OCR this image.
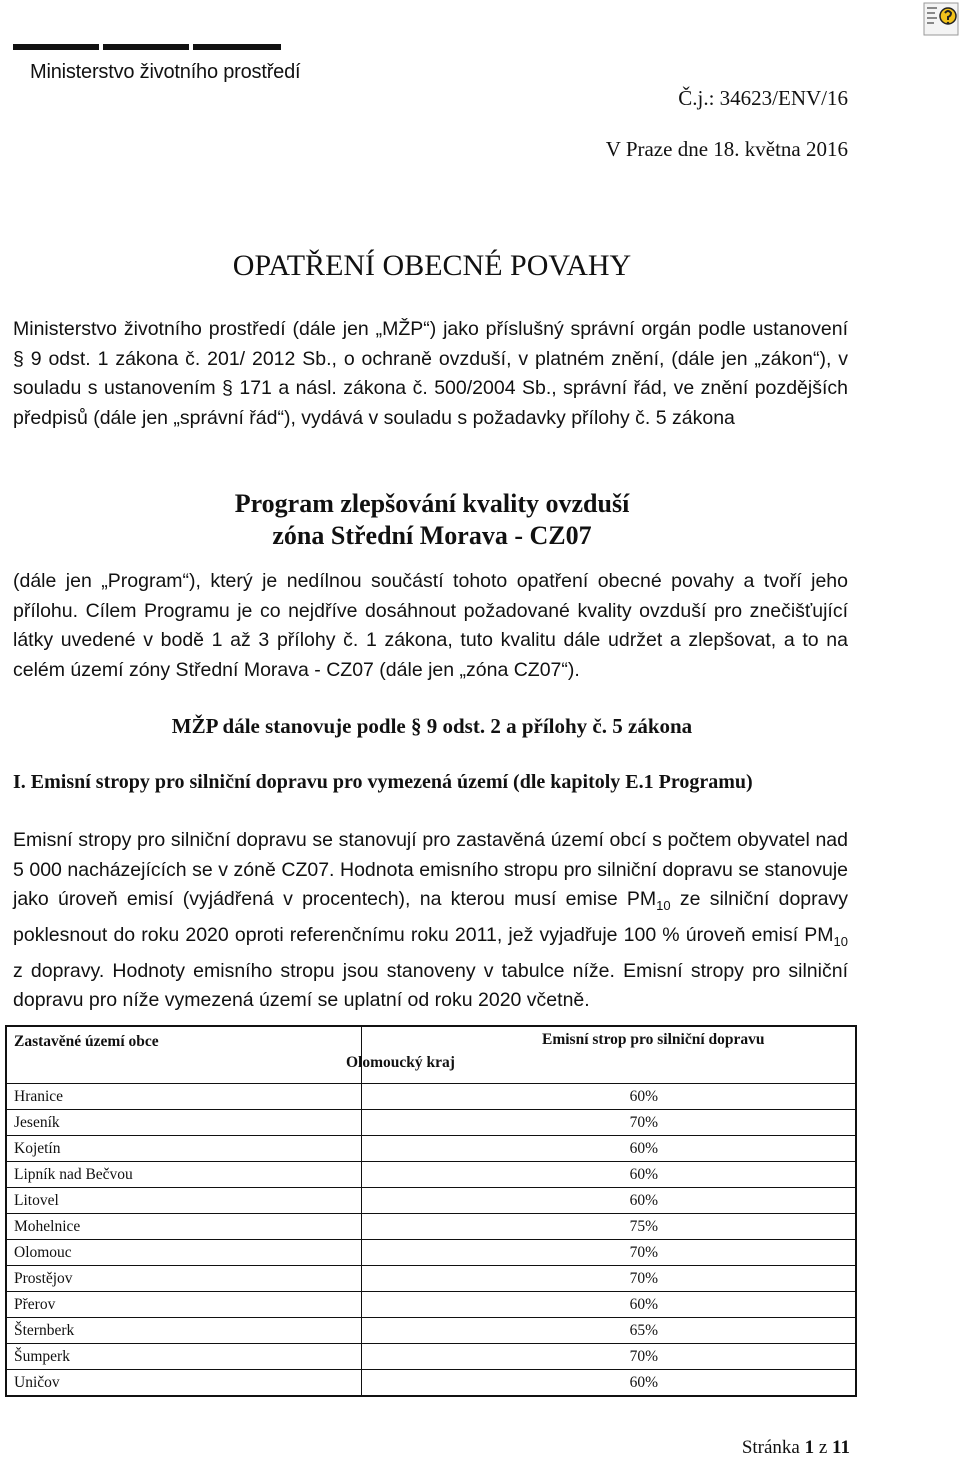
Ministerstvo životního prostředí
Č.j.: 34623/ENV/16
V Praze dne 18. května 2016
OPATŘENÍ OBECNÉ POVAHY
Ministerstvo životního prostředí (dále jen „MŽP“) jako příslušný správní orgán podle ustanovení § 9 odst. 1 zákona č. 201/ 2012 Sb., o ochraně ovzduší, v platném znění, (dále jen „zákon“), v souladu s ustanovením § 171 a násl. zákona č. 500/2004 Sb., správní řád, ve znění pozdějších předpisů (dále jen „správní řád“), vydává v souladu s požadavky přílohy č. 5 zákona
Program zlepšování kvality ovzduší
zóna Střední Morava - CZ07
(dále jen „Program“), který je nedílnou součástí tohoto opatření obecné povahy a tvoří jeho přílohu. Cílem Programu je co nejdříve dosáhnout požadované kvality ovzduší pro znečišťující látky uvedené v bodě 1 až 3 přílohy č. 1 zákona, tuto kvalitu dále udržet a zlepšovat, a to na celém území zóny Střední Morava - CZ07 (dále jen „zóna CZ07“).
MŽP dále stanovuje podle § 9 odst. 2 a přílohy č. 5 zákona
I. Emisní stropy pro silniční dopravu pro vymezená území (dle kapitoly E.1 Programu)
Emisní stropy pro silniční dopravu se stanovují pro zastavěná území obcí s počtem obyvatel nad 5 000 nacházejících se v zóně CZ07. Hodnota emisního stropu pro silniční dopravu se stanovuje jako úroveň emisí (vyjádřená v procentech), na kterou musí emise $PM_{10}$ ze silniční dopravy poklesnout do roku 2020 oproti referenčnímu roku 2011, jež vyjadřuje 100 % úroveň emisí $PM_{10}$ z dopravy. Hodnoty emisního stropu jsou stanoveny v tabulce níže. Emisní stropy pro silniční dopravu pro níže vymezená území se uplatní od roku 2020 včetně.
Zastavěné území obce	Emisní strop pro silniční dopravu
Olomoucký kraj

Hranice	60%
Jeseník	70%
Kojetín	60%
Lipník nad Bečvou	60%
Litovel	60%
Mohelnice	75%
Olomouc	70%
Prostějov	70%
Přerov	60%
Šternberk	65%
Šumperk	70%
Uničov	60%
Stránka 1 z 11
